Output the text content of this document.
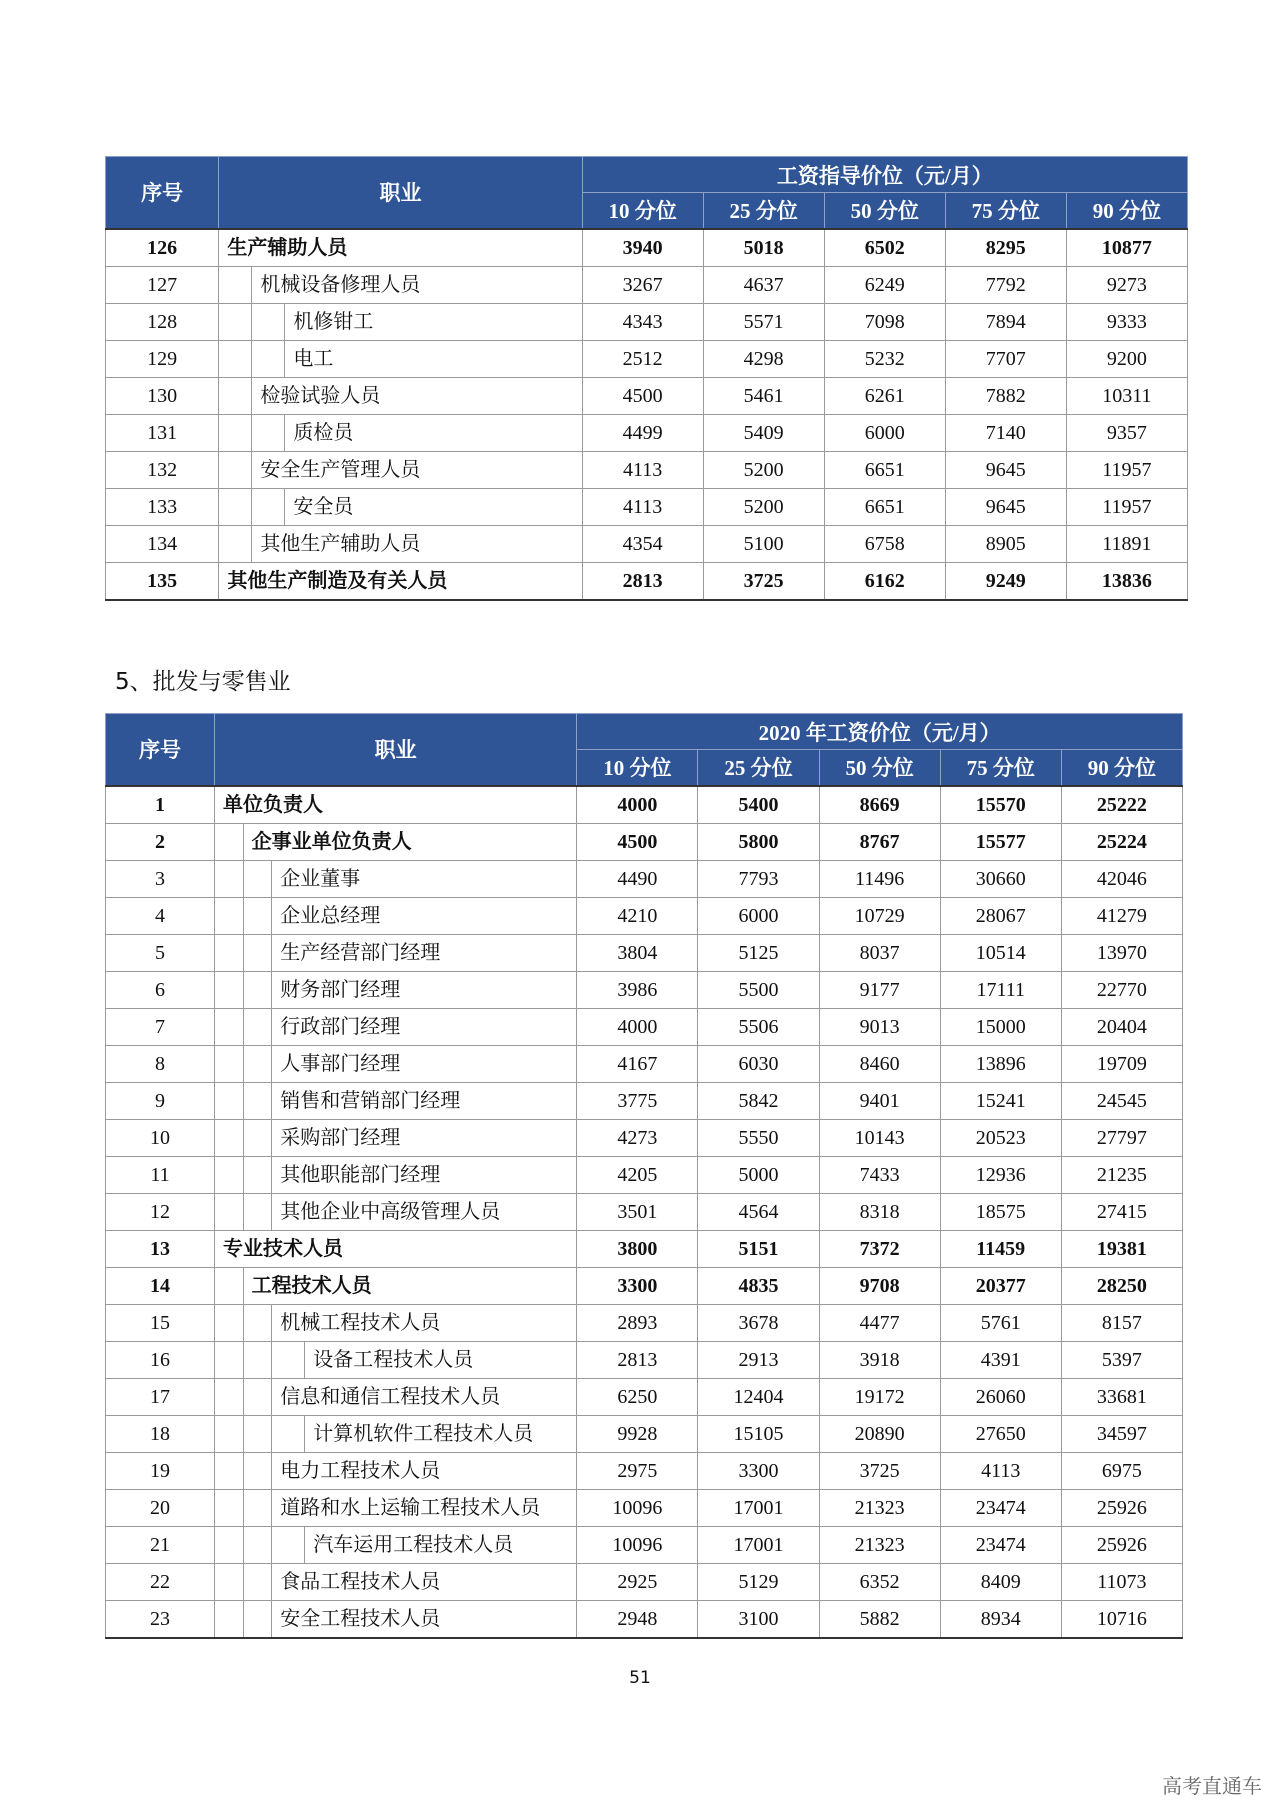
序号	职业			工资指导价位（元/月）				
				10 分位	25 分位	50 分位	75 分位	90 分位
126	生产辅助人员			3940	5018	6502	8295	10877
127		机械设备修理人员		3267	4637	6249	7792	9273
128			机修钳工	4343	5571	7098	7894	9333
129			电工	2512	4298	5232	7707	9200
130		检验试验人员		4500	5461	6261	7882	10311
131			质检员	4499	5409	6000	7140	9357
132		安全生产管理人员		4113	5200	6651	9645	11957
133			安全员	4113	5200	6651	9645	11957
134		其他生产辅助人员		4354	5100	6758	8905	11891
135	其他生产制造及有关人员			2813	3725	6162	9249	13836
5、批发与零售业
序号	职业				2020 年工资价位（元/月）				
					10 分位	25 分位	50 分位	75 分位	90 分位
1	单位负责人				4000	5400	8669	15570	25222
2		企事业单位负责人			4500	5800	8767	15577	25224
3			企业董事		4490	7793	11496	30660	42046
4			企业总经理		4210	6000	10729	28067	41279
5			生产经营部门经理		3804	5125	8037	10514	13970
6			财务部门经理		3986	5500	9177	17111	22770
7			行政部门经理		4000	5506	9013	15000	20404
8			人事部门经理		4167	6030	8460	13896	19709
9			销售和营销部门经理		3775	5842	9401	15241	24545
10			采购部门经理		4273	5550	10143	20523	27797
11			其他职能部门经理		4205	5000	7433	12936	21235
12			其他企业中高级管理人员		3501	4564	8318	18575	27415
13	专业技术人员				3800	5151	7372	11459	19381
14		工程技术人员			3300	4835	9708	20377	28250
15			机械工程技术人员		2893	3678	4477	5761	8157
16				设备工程技术人员	2813	2913	3918	4391	5397
17			信息和通信工程技术人员		6250	12404	19172	26060	33681
18				计算机软件工程技术人员	9928	15105	20890	27650	34597
19			电力工程技术人员		2975	3300	3725	4113	6975
20			道路和水上运输工程技术人员		10096	17001	21323	23474	25926
21				汽车运用工程技术人员	10096	17001	21323	23474	25926
22			食品工程技术人员		2925	5129	6352	8409	11073
23			安全工程技术人员		2948	3100	5882	8934	10716
51
高考直通车
